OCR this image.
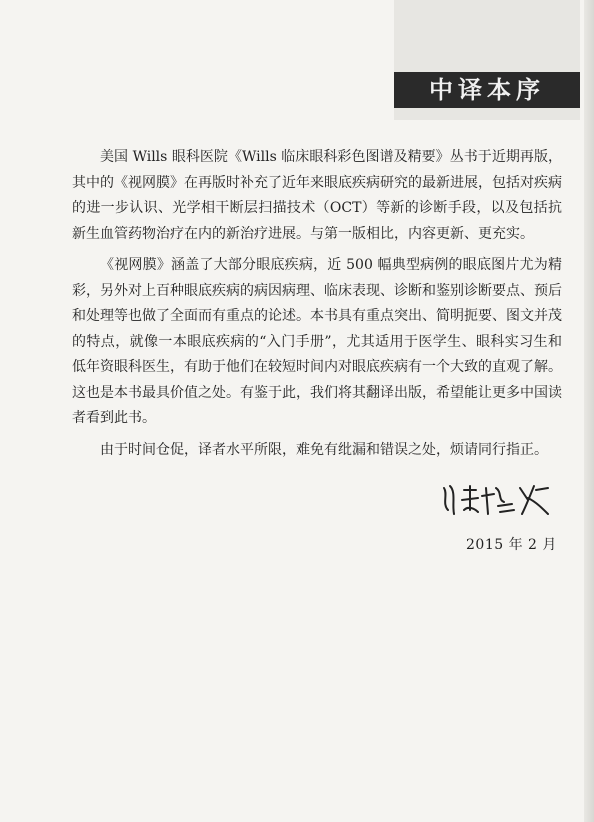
中译本序

美国 Wills 眼科医院《Wills 临床眼科彩色图谱及精要》丛书于近期再版，其中的《视网膜》在再版时补充了近年来眼底疾病研究的最新进展，包括对疾病的进一步认识、光学相干断层扫描技术（OCT）等新的诊断手段，以及包括抗新生血管药物治疗在内的新治疗进展。与第一版相比，内容更新、更充实。

《视网膜》涵盖了大部分眼底疾病，近 500 幅典型病例的眼底图片尤为精彩，另外对上百种眼底疾病的病因病理、临床表现、诊断和鉴别诊断要点、预后和处理等也做了全面而有重点的论述。本书具有重点突出、简明扼要、图文并茂的特点，就像一本眼底疾病的“入门手册”，尤其适用于医学生、眼科实习生和低年资眼科医生，有助于他们在较短时间内对眼底疾病有一个大致的直观了解。这也是本书最具价值之处。有鉴于此，我们将其翻译出版，希望能让更多中国读者看到此书。

由于时间仓促，译者水平所限，难免有纰漏和错误之处，烦请同行指正。

2015 年 2 月
